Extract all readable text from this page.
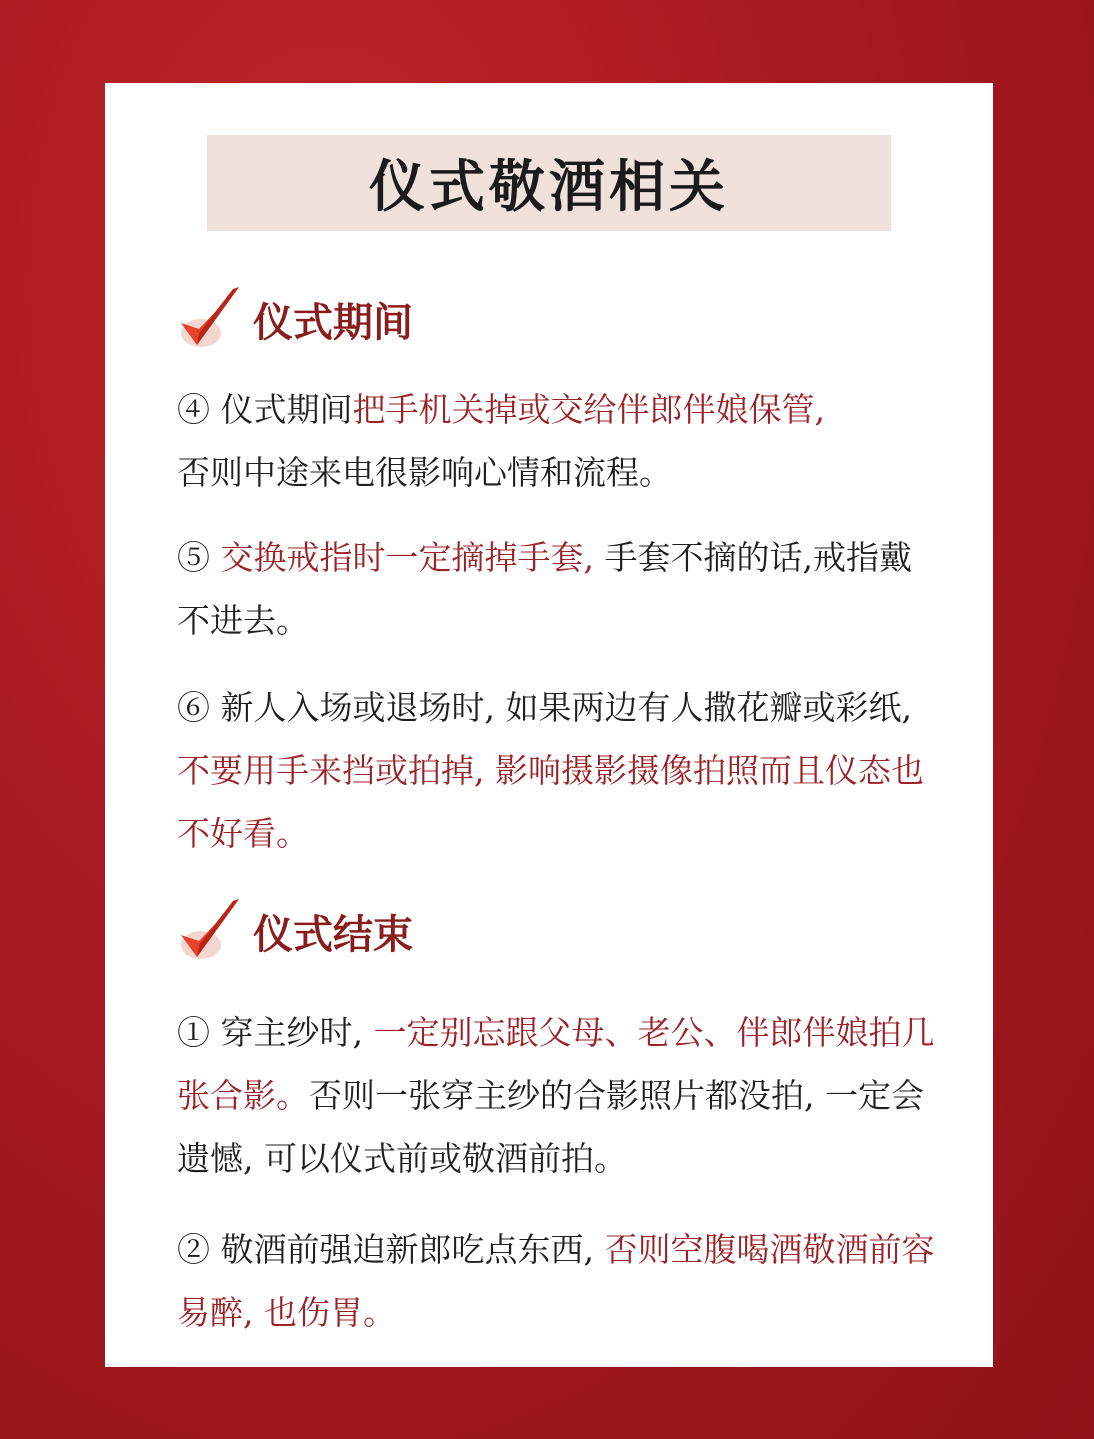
仪式敬酒相关
仪式期间

④ 仪式期间把手机关掉或交给伴郎伴娘保管,
否则中途来电很影响心情和流程。

⑤ 交换戒指时一定摘掉手套, 手套不摘的话,戒指戴不进去。

⑥ 新人入场或退场时, 如果两边有人撒花瓣或彩纸, 不要用手来挡或拍掉, 影响摄影摄像拍照而且仪态也不好看。

仪式结束

① 穿主纱时, 一定别忘跟父母、老公、伴郎伴娘拍几张合影。否则一张穿主纱的合影照片都没拍, 一定会遗憾, 可以仪式前或敬酒前拍。

② 敬酒前强迫新郎吃点东西, 否则空腹喝酒敬酒前容易醉, 也伤胃。
